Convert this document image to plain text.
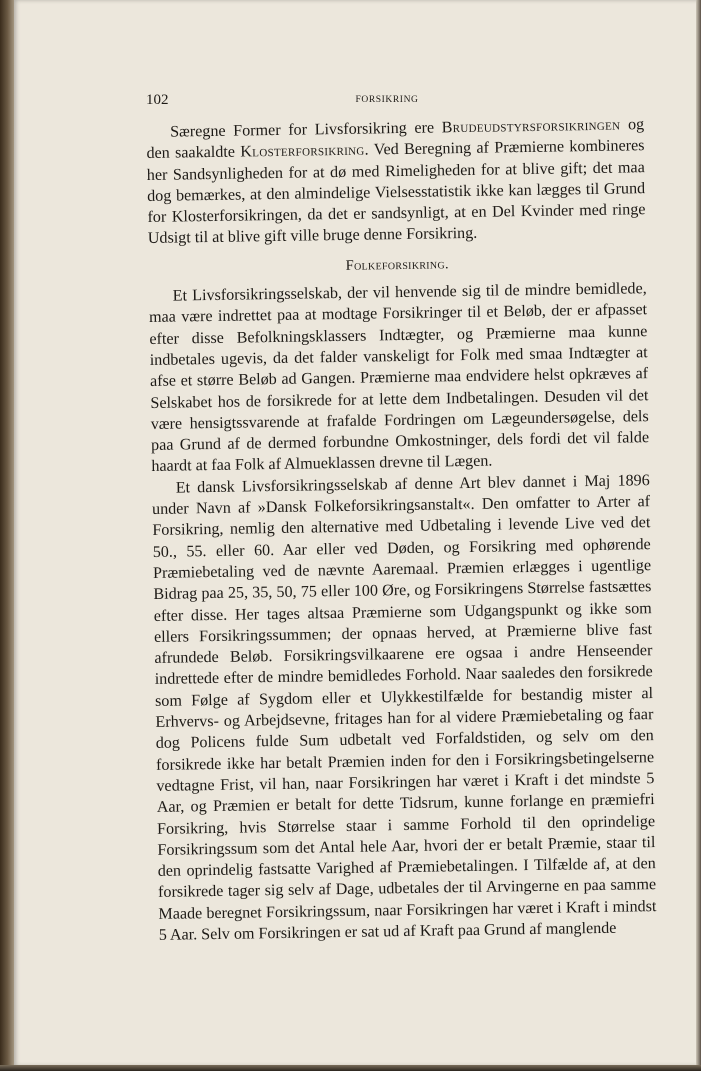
102	FORSIKRING

Særegne Former for Livsforsikring ere Brudeudstyrsforsikringen og den saakaldte Klosterforsikring. Ved Beregning af Præmierne kombineres her Sandsynligheden for at dø med Rimeligheden for at blive gift; det maa dog bemærkes, at den almindelige Vielsesstatistik ikke kan lægges til Grund for Klosterforsikringen, da det er sandsynligt, at en Del Kvinder med ringe Udsigt til at blive gift ville bruge denne Forsikring.

Folkeforsikring.

Et Livsforsikringsselskab, der vil henvende sig til de mindre bemidlede, maa være indrettet paa at modtage Forsikringer til et Beløb, der er afpasset efter disse Befolkningsklassers Indtægter, og Præmierne maa kunne indbetales ugevis, da det falder vanskeligt for Folk med smaa Indtægter at afse et større Beløb ad Gangen. Præmierne maa endvidere helst opkræves af Selskabet hos de forsikrede for at lette dem Indbetalingen. Desuden vil det være hensigtssvarende at frafalde Fordringen om Lægeundersøgelse, dels paa Grund af de dermed forbundne Omkostninger, dels fordi det vil falde haardt at faa Folk af Almueklassen drevne til Lægen.

Et dansk Livsforsikringsselskab af denne Art blev dannet i Maj 1896 under Navn af »Dansk Folkeforsikringsanstalt«. Den omfatter to Arter af Forsikring, nemlig den alternative med Udbetaling i levende Live ved det 50., 55. eller 60. Aar eller ved Døden, og Forsikring med ophørende Præmiebetaling ved de nævnte Aaremaal. Præmien erlægges i ugentlige Bidrag paa 25, 35, 50, 75 eller 100 Øre, og Forsikringens Størrelse fastsættes efter disse. Her tages altsaa Præmierne som Udgangspunkt og ikke som ellers Forsikringssummen; der opnaas herved, at Præmierne blive fast afrundede Beløb. Forsikringsvilkaarene ere ogsaa i andre Henseender indrettede efter de mindre bemidledes Forhold. Naar saaledes den forsikrede som Følge af Sygdom eller et Ulykkestilfælde for bestandig mister al Erhvervs- og Arbejdsevne, fritages han for al videre Præmiebetaling og faar dog Policens fulde Sum udbetalt ved Forfaldstiden, og selv om den forsikrede ikke har betalt Præmien inden for den i Forsikringsbetingelserne vedtagne Frist, vil han, naar Forsikringen har været i Kraft i det mindste 5 Aar, og Præmien er betalt for dette Tidsrum, kunne forlange en præmiefri Forsikring, hvis Størrelse staar i samme Forhold til den oprindelige Forsikringssum som det Antal hele Aar, hvori der er betalt Præmie, staar til den oprindelig fastsatte Varighed af Præmiebetalingen. I Tilfælde af, at den forsikrede tager sig selv af Dage, udbetales der til Arvingerne en paa samme Maade beregnet Forsikringssum, naar Forsikringen har været i Kraft i mindst 5 Aar. Selv om Forsikringen er sat ud af Kraft paa Grund af manglende
